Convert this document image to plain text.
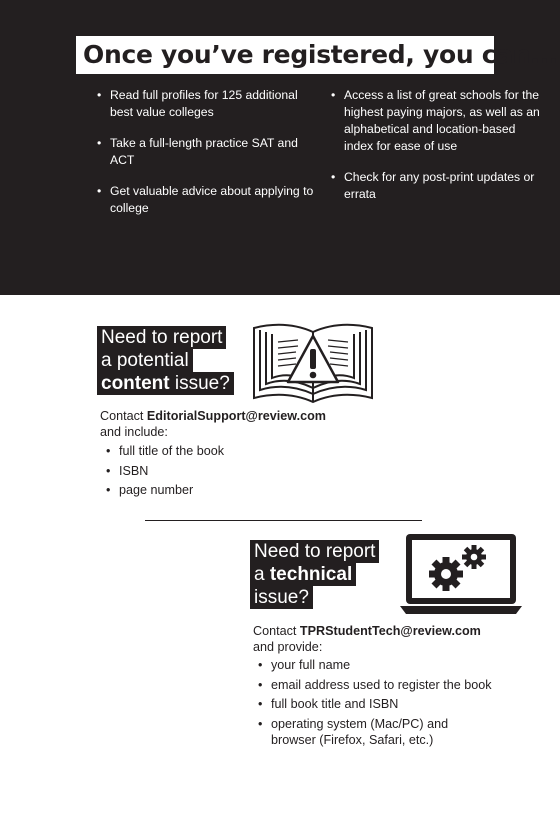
Once you’ve registered, you can...
• Read full profiles for 125 additional best value colleges
• Take a full-length practice SAT and ACT
• Get valuable advice about applying to college
• Access a list of great schools for the highest paying majors, as well as an alphabetical and location-based index for ease of use
• Check for any post-print updates or errata
Need to report
a potential
content issue?
Contact EditorialSupport@review.com
and include:
• full title of the book
• ISBN
• page number
Need to report
a technical
issue?
Contact TPRStudentTech@review.com
and provide:
• your full name
• email address used to register the book
• full book title and ISBN
• operating system (Mac/PC) and browser (Firefox, Safari, etc.)
